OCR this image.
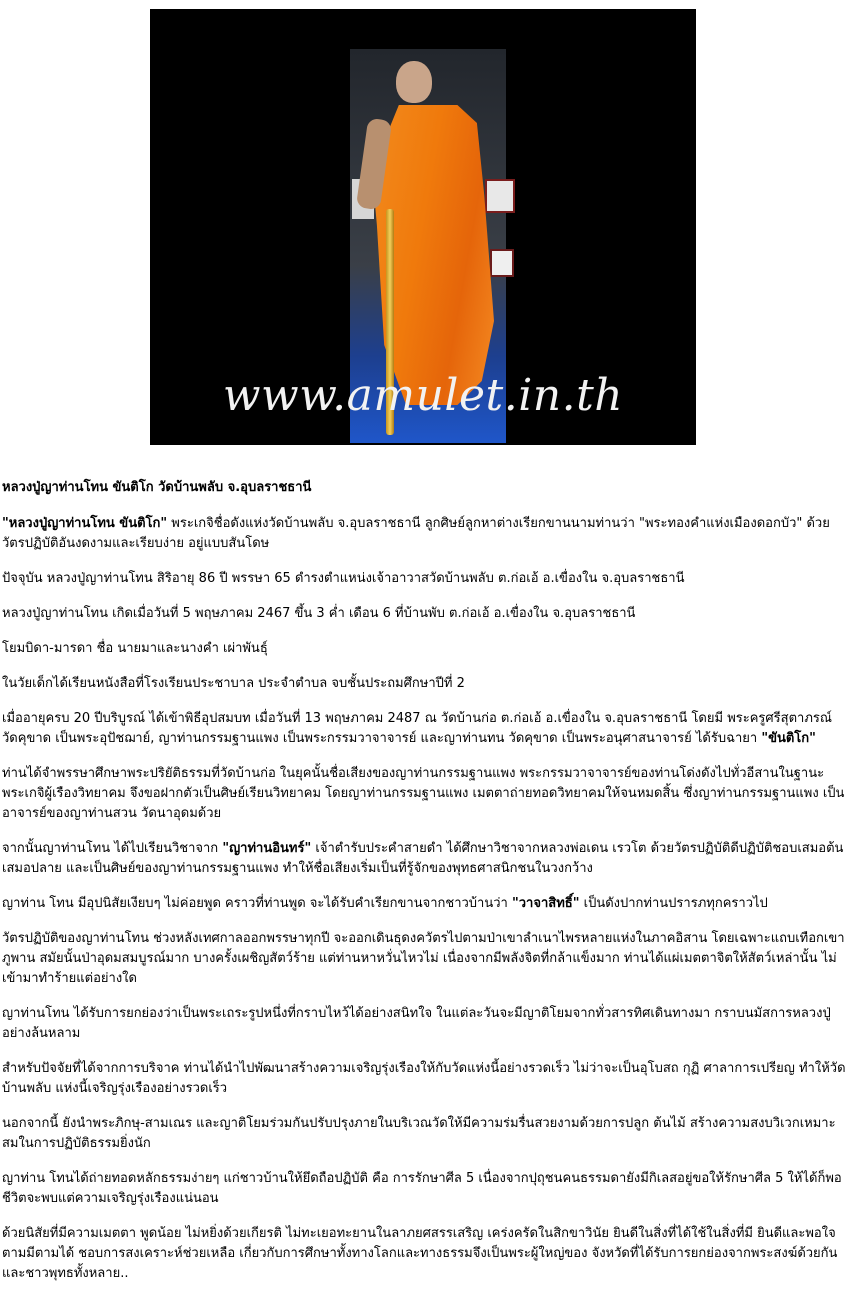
www.amulet.in.th
หลวงปู่ญาท่านโทน ขันติโก วัดบ้านพลับ จ.อุบลราชธานี

"หลวงปู่ญาท่านโทน ขันติโก" พระเกจิชื่อดังแห่งวัดบ้านพลับ จ.อุบลราชธานี ลูกศิษย์ลูกหาต่างเรียกขานนามท่านว่า "พระทองคำแห่งเมืองดอกบัว" ด้วยวัตรปฏิบัติอันงดงามและเรียบง่าย อยู่แบบสันโดษ

ปัจจุบัน หลวงปู่ญาท่านโทน สิริอายุ 86 ปี พรรษา 65 ดำรงตำแหน่งเจ้าอาวาสวัดบ้านพลับ ต.ก่อเอ้ อ.เขื่องใน จ.อุบลราชธานี

หลวงปู่ญาท่านโทน เกิดเมื่อวันที่ 5 พฤษภาคม 2467 ขึ้น 3 ค่ำ เดือน 6 ที่บ้านพับ ต.ก่อเอ้ อ.เขื่องใน จ.อุบลราชธานี

โยมบิดา-มารดา ชื่อ นายมาและนางคำ เผ่าพันธุ์

ในวัยเด็กได้เรียนหนังสือที่โรงเรียนประชาบาล ประจำตำบล จบชั้นประถมศึกษาปีที่ 2

เมื่ออายุครบ 20 ปีบริบูรณ์ ได้เข้าพิธีอุปสมบท เมื่อวันที่ 13 พฤษภาคม 2487 ณ วัดบ้านก่อ ต.ก่อเอ้ อ.เขื่องใน จ.อุบลราชธานี โดยมี พระครูศรีสุตาภรณ์ วัดคุขาด เป็นพระอุปัชฌาย์, ญาท่านกรรมฐานแพง เป็นพระกรรมวาจาจารย์ และญาท่านทน วัดคุขาด เป็นพระอนุศาสนาจารย์ ได้รับฉายา "ขันติโก"

ท่านได้จำพรรษาศึกษาพระปริยัติธรรมที่วัดบ้านก่อ ในยุคนั้นชื่อเสียงของญาท่านกรรมฐานแพง พระกรรมวาจาจารย์ของท่านโด่งดังไปทั่วอีสานในฐานะพระเกจิผู้เรืองวิทยาคม จึงขอฝากตัวเป็นศิษย์เรียนวิทยาคม โดยญาท่านกรรมฐานแพง เมตตาถ่ายทอดวิทยาคมให้จนหมดสิ้น ซึ่งญาท่านกรรมฐานแพง เป็นอาจารย์ของญาท่านสวน วัดนาอุดมด้วย

จากนั้นญาท่านโทน ได้ไปเรียนวิชาจาก "ญาท่านอินทร์" เจ้าตำรับประคำสายดำ ได้ศึกษาวิชาจากหลวงพ่อเดน เรวโต ด้วยวัตรปฏิบัติดีปฏิบัติชอบเสมอต้นเสมอปลาย และเป็นศิษย์ของญาท่านกรรมฐานแพง ทำให้ชื่อเสียงเริ่มเป็นที่รู้จักของพุทธศาสนิกชนในวงกว้าง

ญาท่าน โทน มีอุปนิสัยเงียบๆ ไม่ค่อยพูด คราวที่ท่านพูด จะได้รับคำเรียกขานจากชาวบ้านว่า "วาจาสิทธิ์" เป็นดังปากท่านปรารภทุกคราวไป

วัตรปฏิบัติของญาท่านโทน ช่วงหลังเทศกาลออกพรรษาทุกปี จะออกเดินธุดงควัตรไปตามป่าเขาลำเนาไพรหลายแห่งในภาคอิสาน โดยเฉพาะแถบเทือกเขาภูพาน สมัยนั้นป่าอุดมสมบูรณ์มาก บางครั้งเผชิญสัตว์ร้าย แต่ท่านหาหวั่นไหวไม่ เนื่องจากมีพลังจิตที่กล้าแข็งมาก ท่านได้แผ่เมตตาจิตให้สัตว์เหล่านั้น ไม่เข้ามาทำร้ายแต่อย่างใด

ญาท่านโทน ได้รับการยกย่องว่าเป็นพระเถระรูปหนึ่งที่กราบไหว้ได้อย่างสนิทใจ ในแต่ละวันจะมีญาติโยมจากทั่วสารทิศเดินทางมา กราบนมัสการหลวงปู่อย่างล้นหลาม

สำหรับปัจจัยที่ได้จากการบริจาค ท่านได้นำไปพัฒนาสร้างความเจริญรุ่งเรืองให้กับวัดแห่งนี้อย่างรวดเร็ว ไม่ว่าจะเป็นอุโบสถ กุฏิ ศาลาการเปรียญ ทำให้วัดบ้านพลับ แห่งนี้เจริญรุ่งเรืองอย่างรวดเร็ว

นอกจากนี้ ยังนำพระภิกษุ-สามเณร และญาติโยมร่วมกันปรับปรุงภายในบริเวณวัดให้มีความร่มรื่นสวยงามด้วยการปลูก ต้นไม้ สร้างความสงบวิเวกเหมาะสมในการปฏิบัติธรรมยิ่งนัก

ญาท่าน โทนได้ถ่ายทอดหลักธรรมง่ายๆ แก่ชาวบ้านให้ยึดถือปฏิบัติ คือ การรักษาศีล 5 เนื่องจากปุถุชนคนธรรมดายังมีกิเลสอยู่ขอให้รักษาศีล 5 ให้ได้ก็พอชีวิตจะพบแต่ความเจริญรุ่งเรืองแน่นอน

ด้วยนิสัยที่มีความเมตตา พูดน้อย ไม่หยิ่งด้วยเกียรติ ไม่ทะเยอทะยานในลาภยศสรรเสริญ เคร่งครัดในสิกขาวินัย ยินดีในสิ่งที่ได้ใช้ในสิ่งที่มี ยินดีและพอใจตามมีตามได้ ชอบการสงเคราะห์ช่วยเหลือ เกี่ยวกับการศึกษาทั้งทางโลกและทางธรรมจึงเป็นพระผู้ใหญ่ของ จังหวัดที่ได้รับการยกย่องจากพระสงฆ์ด้วยกัน และชาวพุทธทั้งหลาย..
